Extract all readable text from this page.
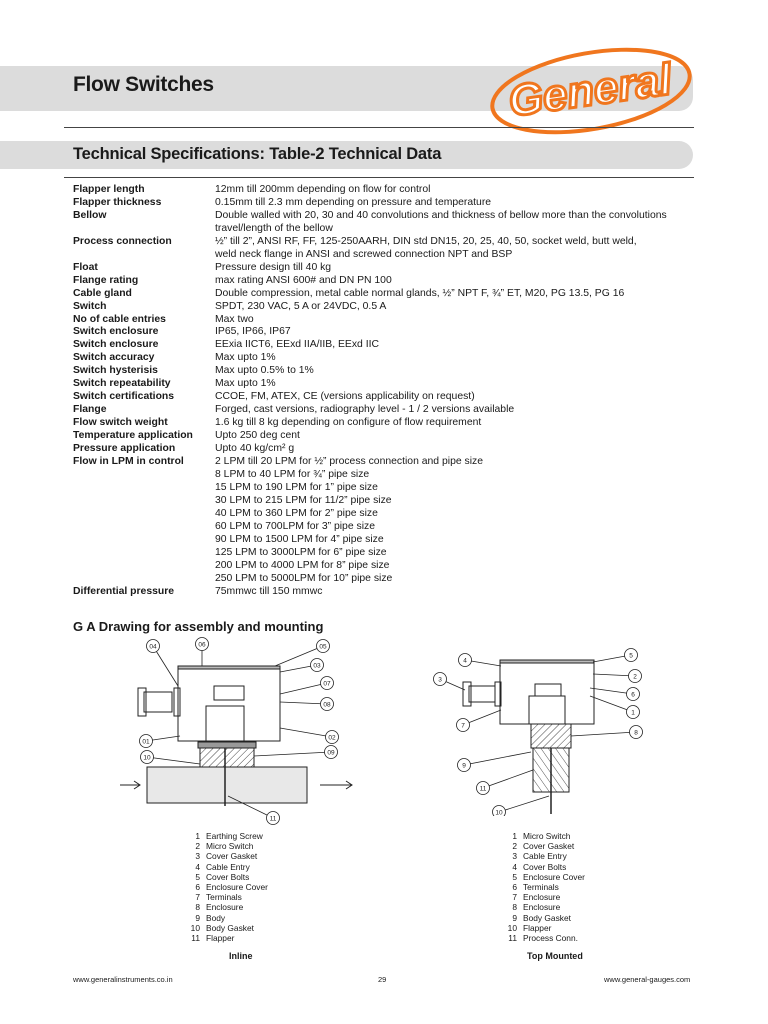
Flow Switches	General
Technical Specifications: Table-2 Technical Data
Flapper length	12mm till 200mm depending on flow for control
Flapper thickness	0.15mm till 2.3 mm depending on pressure and temperature
Bellow	Double walled with 20, 30 and 40 convolutions and thickness of bellow more than the convolutions
travel/length of the bellow
Process connection	½” till 2”, ANSI RF, FF, 125-250AARH, DIN std DN15, 20, 25, 40, 50, socket weld, butt weld,
weld neck flange in ANSI and screwed connection NPT and BSP
Float	Pressure design till 40 kg
Flange rating	max rating ANSI 600# and DN PN 100
Cable gland	Double compression, metal cable normal glands, ½” NPT F, ¾” ET, M20, PG 13.5, PG 16
Switch	SPDT, 230 VAC, 5 A or 24VDC, 0.5 A
No of cable entries	Max two
Switch enclosure	IP65, IP66, IP67
Switch enclosure	EExia IICT6, EExd IIA/IIB, EExd IIC
Switch accuracy	Max upto 1%
Switch hysterisis	Max upto 0.5% to 1%
Switch repeatability	Max upto 1%
Switch certifications	CCOE, FM, ATEX, CE (versions applicability on request)
Flange	Forged, cast versions, radiography level - 1 / 2 versions available
Flow switch weight	1.6 kg till 8 kg depending on configure of flow requirement
Temperature application	Upto 250 deg cent
Pressure application	Upto 40 kg/cm² g
Flow in LPM in control	2 LPM till 20 LPM for ½” process connection and pipe size
8 LPM to 40 LPM for ¾” pipe size
15 LPM to 190 LPM for 1” pipe size
30 LPM to 215 LPM for 11/2” pipe size
40 LPM to 360 LPM for 2” pipe size
60 LPM to 700LPM for 3” pipe size
90 LPM to 1500 LPM for 4” pipe size
125 LPM to 3000LPM for 6” pipe size
200 LPM to 4000 LPM for 8” pipe size
250 LPM to 5000LPM for 10” pipe size
Differential pressure	75mmwc till 150 mmwc
G A Drawing for assembly and mounting
01
02
03
04	05
06
07
08
09
10
11
1
2
3
4
5
6
7
8
9
10
11
1 Earthing Screw
2 Micro Switch
3 Cover Gasket
4 Cable Entry
5 Cover Bolts
6 Enclosure Cover
7 Terminals
8 Enclosure
9 Body
10 Body Gasket
11 Flapper
1 Micro Switch
2 Cover Gasket
3 Cable Entry
4 Cover Bolts
5 Enclosure Cover
6 Terminals
7 Enclosure
8 Enclosure
9 Body Gasket
10 Flapper
11 Process Conn.
Inline	Top Mounted
www.generalinstruments.co.in	29	www.general-gauges.com
